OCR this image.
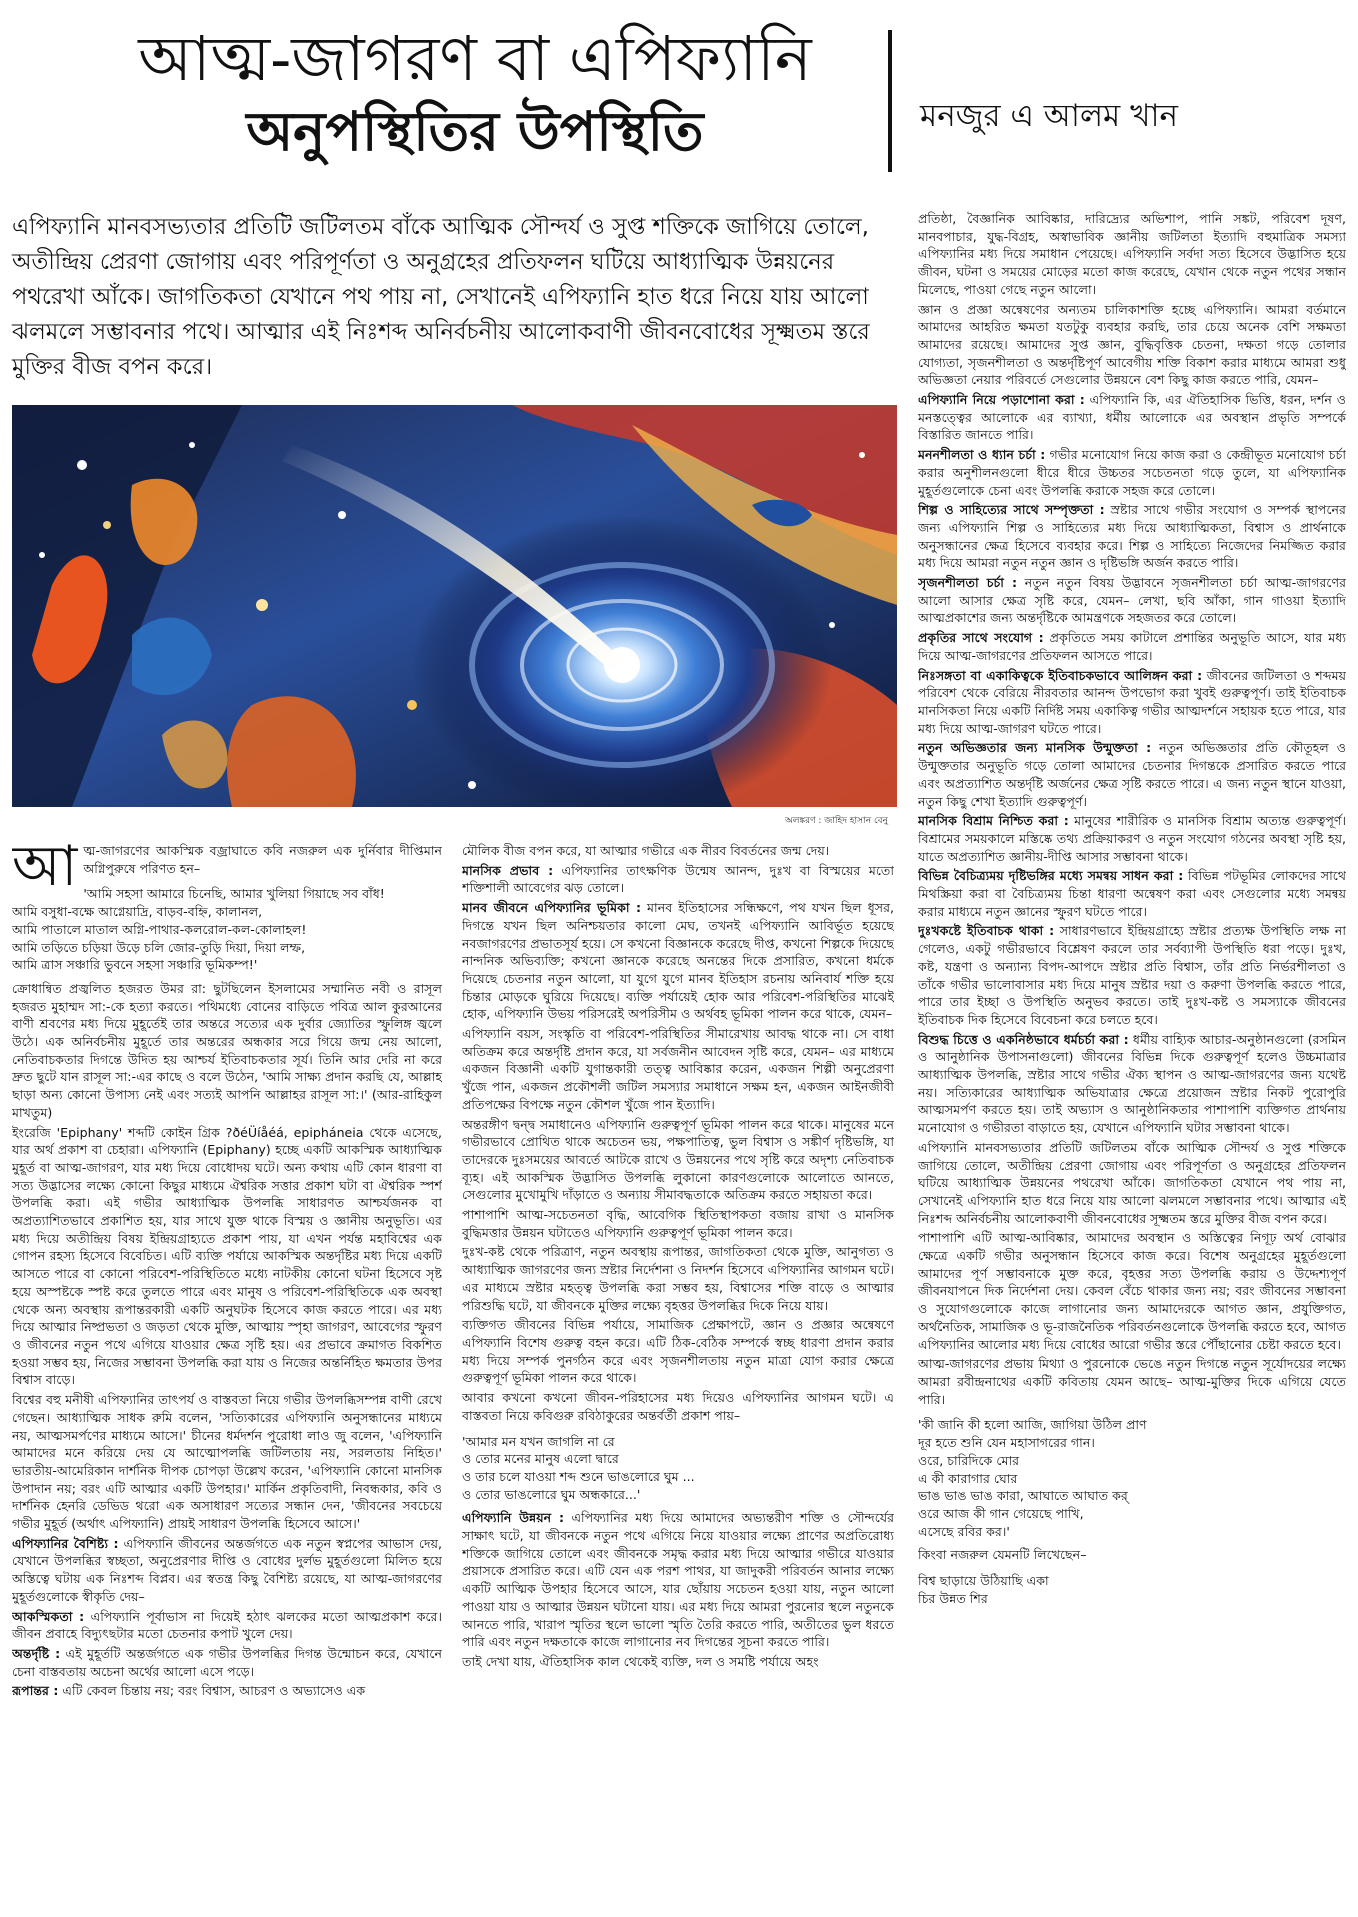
আত্ম-জাগরণ বা এপিফ্যানি
অনুপস্থিতির উপস্থিতি	মনজুর এ আলম খান

এপিফ্যানি মানবসভ্যতার প্রতিটি জটিলতম বাঁকে আত্মিক সৌন্দর্য ও সুপ্ত শক্তিকে জাগিয়ে তোলে, অতীন্দ্রিয় প্রেরণা জোগায় এবং পরিপূর্ণতা ও অনুগ্রহের প্রতিফলন ঘটিয়ে আধ্যাত্মিক উন্নয়নের পথরেখা আঁকে। জাগতিকতা যেখানে পথ পায় না, সেখানেই এপিফ্যানি হাত ধরে নিয়ে যায় আলো ঝলমলে সম্ভাবনার পথে। আত্মার এই নিঃশব্দ অনির্বচনীয় আলোকবাণী জীবনবোধের সূক্ষ্মতম স্তরে মুক্তির বীজ বপন করে।

অলঙ্করণ : জাহিদ হাসান বেনু

আত্ম-জাগরণের আকস্মিক বজ্রাঘাতে কবি নজরুল এক দুর্নিবার দীপ্তিমান অগ্নিপুরুষে পরিণত হন–

'আমি সহসা আমারে চিনেছি, আমার খুলিয়া গিয়াছে সব বাঁধ!
আমি বসুধা-বক্ষে আগ্নেয়াদ্রি, বাড়ব-বহ্নি, কালানল,
আমি পাতালে মাতাল অগ্নি-পাথার-কলরোল-কল-কোলাহল!
আমি তড়িতে চড়িয়া উড়ে চলি জোর-তুড়ি দিয়া, দিয়া লম্ফ,
আমি ত্রাস সঞ্চারি ভুবনে সহসা সঞ্চারি ভূমিকম্প!'

ক্রোধান্বিত প্রজ্বলিত হজরত উমর রা: ছুটছিলেন ইসলামের সম্মানিত নবী ও রাসূল হজরত মুহাম্মদ সা:-কে হত্যা করতে। পথিমধ্যে বোনের বাড়িতে পবিত্র আল কুরআনের বাণী শ্রবণের মধ্য দিয়ে মুহূর্তেই তার অন্তরে সত্যের এক দুর্বার জ্যোতির স্ফুলিঙ্গ জ্বলে উঠে। এক অনির্বচনীয় মুহূর্তে তার অন্তরের অন্ধকার সরে গিয়ে জন্ম নেয় আলো, নেতিবাচকতার দিগন্তে উদিত হয় আশ্চর্য ইতিবাচকতার সূর্য। তিনি আর দেরি না করে দ্রুত ছুটে যান রাসূল সা:-এর কাছে ও বলে উঠেন, 'আমি সাক্ষ্য প্রদান করছি যে, আল্লাহ ছাড়া অন্য কোনো উপাস্য নেই এবং সত্যই আপনি আল্লাহর রাসূল সা:।' (আর-রাহিকুল মাখতুম)

ইংরেজি 'Epiphany' শব্দটি কোইন গ্রিক ?ðéÜíåéá, epipháneia থেকে এসেছে, যার অর্থ প্রকাশ বা চেহারা। এপিফ্যানি (Epiphany) হচ্ছে একটি আকস্মিক আধ্যাত্মিক মুহূর্ত বা আত্ম-জাগরণ, যার মধ্য দিয়ে বোধোদয় ঘটে। অন্য কথায় এটি কোন ধারণা বা সত্য উদ্ভাসের লক্ষ্যে কোনো কিছুর মাধ্যমে ঐশ্বরিক সত্তার প্রকাশ ঘটা বা ঐশ্বরিক স্পর্শ উপলব্ধি করা। এই গভীর আধ্যাত্মিক উপলব্ধি সাধারণত আশ্চর্যজনক বা অপ্রত্যাশিতভাবে প্রকাশিত হয়, যার সাথে যুক্ত থাকে বিস্ময় ও জ্ঞানীয় অনুভূতি। এর মধ্য দিয়ে অতীন্দ্রিয় বিষয় ইন্দ্রিয়গ্রাহ্যতে প্রকাশ পায়, যা এখন পর্যন্ত মহাবিশ্বের এক গোপন রহস্য হিসেবে বিবেচিত। এটি ব্যক্তি পর্যায়ে আকস্মিক অন্তর্দৃষ্টির মধ্য দিয়ে একটি আসতে পারে বা কোনো পরিবেশ-পরিস্থিতিতে মধ্যে নাটকীয় কোনো ঘটনা হিসেবে সৃষ্ট হয়ে অস্পষ্টকে স্পষ্ট করে তুলতে পারে এবং মানুষ ও পরিবেশ-পরিস্থিতিকে এক অবস্থা থেকে অন্য অবস্থায় রূপান্তরকারী একটি অনুঘটক হিসেবে কাজ করতে পারে। এর মধ্য দিয়ে আত্মার নিষ্প্রভতা ও জড়তা থেকে মুক্তি, আত্মায় স্পৃহা জাগরণ, আবেগের স্ফুরণ ও জীবনের নতুন পথে এগিয়ে যাওয়ার ক্ষেত্র সৃষ্টি হয়। এর প্রভাবে ক্রমাগত বিকশিত হওয়া সম্ভব হয়, নিজের সম্ভাবনা উপলব্ধি করা যায় ও নিজের অন্তর্নিহিত ক্ষমতার উপর বিশ্বাস বাড়ে।

বিশ্বের বহু মনীষী এপিফ্যানির তাৎপর্য ও বাস্তবতা নিয়ে গভীর উপলব্ধিসম্পন্ন বাণী রেখে গেছেন। আধ্যাত্মিক সাধক রুমি বলেন, 'সত্যিকারের এপিফ্যানি অনুসন্ধানের মাধ্যমে নয়, আত্মসমর্পণের মাধ্যমে আসে।' চীনের ধর্মদর্শন পুরোধা লাও জু বলেন, 'এপিফ্যানি আমাদের মনে করিয়ে দেয় যে আত্মোপলব্ধি জটিলতায় নয়, সরলতায় নিহিত।' ভারতীয়-আমেরিকান দার্শনিক দীপক চোপড়া উল্লেখ করেন, 'এপিফ্যানি কোনো মানসিক উপাদান নয়; বরং এটি আত্মার একটি উপহার।' মার্কিন প্রকৃতিবাদী, নিবন্ধকার, কবি ও দার্শনিক হেনরি ডেভিড থরো এক অসাধারণ সত্যের সন্ধান দেন, 'জীবনের সবচেয়ে গভীর মুহূর্ত (অর্থাৎ এপিফ্যানি) প্রায়ই সাধারণ উপলব্ধি হিসেবে আসে।'

এপিফ্যানির বৈশিষ্ট্য : এপিফ্যানি জীবনের অন্তর্জগতে এক নতুন স্বপ্নপের আভাস দেয়, যেখানে উপলব্ধির স্বচ্ছতা, অনুপ্রেরণার দীপ্তি ও বোধের দুর্লভ মুহূর্তগুলো মিলিত হয়ে অস্তিত্বে ঘটায় এক নিঃশব্দ বিপ্লব। এর স্বতন্ত্র কিছু বৈশিষ্ট্য রয়েছে, যা আত্ম-জাগরণের মুহূর্তগুলোকে স্বীকৃতি দেয়–

আকস্মিকতা : এপিফ্যানি পূর্বাভাস না দিয়েই হঠাৎ ঝলকের মতো আত্মপ্রকাশ করে। জীবন প্রবাহে বিদ্যুৎছটার মতো চেতনার কপাট খুলে দেয়।

অন্তর্দৃষ্টি : এই মুহূর্তটি অন্তর্জগতে এক গভীর উপলব্ধির দিগন্ত উন্মোচন করে, যেখানে চেনা বাস্তবতায় অচেনা অর্থের আলো এসে পড়ে।

রূপান্তর : এটি কেবল চিন্তায় নয়; বরং বিশ্বাস, আচরণ ও অভ্যাসেও এক

মৌলিক বীজ বপন করে, যা আত্মার গভীরে এক নীরব বিবর্তনের জন্ম দেয়।

মানসিক প্রভাব : এপিফ্যানির তাৎক্ষণিক উন্মেষ আনন্দ, দুঃখ বা বিস্ময়ের মতো শক্তিশালী আবেগের ঝড় তোলে।

মানব জীবনে এপিফ্যানির ভূমিকা : মানব ইতিহাসের সন্ধিক্ষণে, পথ যখন ছিল ধূসর, দিগন্তে যখন ছিল অনিশ্চয়তার কালো মেঘ, তখনই এপিফ্যানি আবির্ভূত হয়েছে নবজাগরণের প্রভাতসূর্য হয়ে। সে কখনো বিজ্ঞানকে করেছে দীপ্ত, কখনো শিল্পকে দিয়েছে নান্দনিক অভিব্যক্তি; কখনো জ্ঞানকে করেছে অনন্তের দিকে প্রসারিত, কখনো ধর্মকে দিয়েছে চেতনার নতুন আলো, যা যুগে যুগে মানব ইতিহাস রচনায় অনিবার্য শক্তি হয়ে চিন্তার মোড়কে ঘুরিয়ে দিয়েছে। ব্যক্তি পর্যায়েই হোক আর পরিবেশ-পরিস্থিতির মাঝেই হোক, এপিফ্যানি উভয় পরিসরেই অপরিসীম ও অর্থবহ ভূমিকা পালন করে থাকে, যেমন–

এপিফ্যানি বয়স, সংস্কৃতি বা পরিবেশ-পরিস্থিতির সীমারেখায় আবদ্ধ থাকে না। সে বাধা অতিক্রম করে অন্তর্দৃষ্টি প্রদান করে, যা সর্বজনীন আবেদন সৃষ্টি করে, যেমন– এর মাধ্যমে একজন বিজ্ঞানী একটি যুগান্তকারী তত্ত্ব আবিষ্কার করেন, একজন শিল্পী অনুপ্রেরণা খুঁজে পান, একজন প্রকৌশলী জটিল সমস্যার সমাধানে সক্ষম হন, একজন আইনজীবী প্রতিপক্ষের বিপক্ষে নতুন কৌশল খুঁজে পান ইত্যাদি।

অন্তরঙ্গীণ দ্বন্দ্ব সমাধানেও এপিফ্যানি গুরুত্বপূর্ণ ভূমিকা পালন করে থাকে। মানুষের মনে গভীরভাবে প্রোথিত থাকে অচেতন ভয়, পক্ষপাতিত্ব, ভুল বিশ্বাস ও সঙ্কীর্ণ দৃষ্টিভঙ্গি, যা তাদেরকে দুঃসময়ের আবর্তে আটকে রাখে ও উন্নয়নের পথে সৃষ্টি করে অদৃশ্য নেতিবাচক ব্যূহ। এই আকস্মিক উদ্ভাসিত উপলব্ধি লুকানো কারণগুলোকে আলোতে আনতে, সেগুলোর মুখোমুখি দাঁড়াতে ও অন্যায় সীমাবদ্ধতাকে অতিক্রম করতে সহায়তা করে।

পাশাপাশি আত্ম-সচেতনতা বৃদ্ধি, আবেগিক স্থিতিস্থাপকতা বজায় রাখা ও মানসিক বুদ্ধিমত্তার উন্নয়ন ঘটাতেও এপিফ্যানি গুরুত্বপূর্ণ ভূমিকা পালন করে।

দুঃখ-কষ্ট থেকে পরিত্রাণ, নতুন অবস্থায় রূপান্তর, জাগতিকতা থেকে মুক্তি, আনুগত্য ও আধ্যাত্মিক জাগরণের জন্য স্রষ্টার নির্দেশনা ও নিদর্শন হিসেবে এপিফ্যানির আগমন ঘটে। এর মাধ্যমে স্রষ্টার মহত্ত্ব উপলব্ধি করা সম্ভব হয়, বিশ্বাসের শক্তি বাড়ে ও আত্মার পরিশুদ্ধি ঘটে, যা জীবনকে মুক্তির লক্ষ্যে বৃহত্তর উপলব্ধির দিকে নিয়ে যায়।

ব্যক্তিগত জীবনের বিভিন্ন পর্যায়ে, সামাজিক প্রেক্ষাপটে, জ্ঞান ও প্রজ্ঞার অন্বেষণে এপিফ্যানি বিশেষ গুরুত্ব বহন করে। এটি ঠিক-বেঠিক সম্পর্কে স্বচ্ছ ধারণা প্রদান করার মধ্য দিয়ে সম্পর্ক পুনর্গঠন করে এবং সৃজনশীলতায় নতুন মাত্রা যোগ করার ক্ষেত্রে গুরুত্বপূর্ণ ভূমিকা পালন করে থাকে।

আবার কখনো কখনো জীবন-পরিহাসের মধ্য দিয়েও এপিফ্যানির আগমন ঘটে। এ বাস্তবতা নিয়ে কবিগুরু রবিঠাকুরের অন্তর্বর্তী প্রকাশ পায়–

'আমার মন যখন জাগলি না রে
ও তোর মনের মানুষ এলো দ্বারে
ও তার চলে যাওয়া শব্দ শুনে ভাঙলোরে ঘুম ...
ও তোর ভাঙলোরে ঘুম অন্ধকারে...'

এপিফ্যানি উন্নয়ন : এপিফ্যানির মধ্য দিয়ে আমাদের অভ্যন্তরীণ শক্তি ও সৌন্দর্যের সাক্ষাৎ ঘটে, যা জীবনকে নতুন পথে এগিয়ে নিয়ে যাওয়ার লক্ষ্যে প্রাণের অপ্রতিরোধ্য শক্তিকে জাগিয়ে তোলে এবং জীবনকে সমৃদ্ধ করার মধ্য দিয়ে আত্মার গভীরে যাওয়ার প্রয়াসকে প্রসারিত করে। এটি যেন এক পরশ পাথর, যা জাদুকরী পরিবর্তন আনার লক্ষ্যে একটি আত্মিক উপহার হিসেবে আসে, যার ছোঁয়ায় সচেতন হওয়া যায়, নতুন আলো পাওয়া যায় ও আত্মার উন্নয়ন ঘটানো যায়। এর মধ্য দিয়ে আমরা পুরনোর স্থলে নতুনকে আনতে পারি, খারাপ স্মৃতির স্থলে ভালো স্মৃতি তৈরি করতে পারি, অতীতের ভুল ধরতে পারি এবং নতুন দক্ষতাকে কাজে লাগানোর নব দিগন্তের সূচনা করতে পারি।

তাই দেখা যায়, ঐতিহাসিক কাল থেকেই ব্যক্তি, দল ও সমষ্টি পর্যায়ে অহং

প্রতিষ্ঠা, বৈজ্ঞানিক আবিষ্কার, দারিদ্র্যের অভিশাপ, পানি সঙ্কট, পরিবেশ দূষণ, মানবপাচার, যুদ্ধ-বিগ্রহ, অস্বাভাবিক জ্ঞানীয় জটিলতা ইত্যাদি বহুমাত্রিক সমস্যা এপিফ্যানির মধ্য দিয়ে সমাধান পেয়েছে। এপিফ্যানি সর্বদা সত্য হিসেবে উদ্ভাসিত হয়ে জীবন, ঘটনা ও সময়ের মোড়ের মতো কাজ করেছে, যেখান থেকে নতুন পথের সন্ধান মিলেছে, পাওয়া গেছে নতুন আলো।

জ্ঞান ও প্রজ্ঞা অন্বেষণের অন্যতম চালিকাশক্তি হচ্ছে এপিফ্যানি। আমরা বর্তমানে আমাদের আহরিত ক্ষমতা যতটুকু ব্যবহার করছি, তার চেয়ে অনেক বেশি সক্ষমতা আমাদের রয়েছে। আমাদের সুপ্ত জ্ঞান, বুদ্ধিবৃত্তিক চেতনা, দক্ষতা গড়ে তোলার যোগ্যতা, সৃজনশীলতা ও অন্তর্দৃষ্টিপূর্ণ আবেগীয় শক্তি বিকাশ করার মাধ্যমে আমরা শুধু অভিজ্ঞতা নেয়ার পরিবর্তে সেগুলোর উন্নয়নে বেশ কিছু কাজ করতে পারি, যেমন–

এপিফ্যানি নিয়ে পড়াশোনা করা : এপিফ্যানি কি, এর ঐতিহাসিক ভিত্তি, ধরন, দর্শন ও মনস্তত্ত্বের আলোকে এর ব্যাখ্যা, ধর্মীয় আলোকে এর অবস্থান প্রভৃতি সম্পর্কে বিস্তারিত জানতে পারি।

মননশীলতা ও ধ্যান চর্চা : গভীর মনোযোগ নিয়ে কাজ করা ও কেন্দ্রীভূত মনোযোগ চর্চা করার অনুশীলনগুলো ধীরে ধীরে উচ্চতর সচেতনতা গড়ে তুলে, যা এপিফ্যানিক মুহূর্তগুলোকে চেনা এবং উপলব্ধি করাকে সহজ করে তোলে।

শিল্প ও সাহিত্যের সাথে সম্পৃক্ততা : স্রষ্টার সাথে গভীর সংযোগ ও সম্পর্ক স্থাপনের জন্য এপিফ্যানি শিল্প ও সাহিত্যের মধ্য দিয়ে আধ্যাত্মিকতা, বিশ্বাস ও প্রার্থনাকে অনুসন্ধানের ক্ষেত্র হিসেবে ব্যবহার করে। শিল্প ও সাহিত্যে নিজেদের নিমজ্জিত করার মধ্য দিয়ে আমরা নতুন নতুন জ্ঞান ও দৃষ্টিভঙ্গি অর্জন করতে পারি।

সৃজনশীলতা চর্চা : নতুন নতুন বিষয় উদ্ভাবনে সৃজনশীলতা চর্চা আত্ম-জাগরণের আলো আসার ক্ষেত্র সৃষ্টি করে, যেমন– লেখা, ছবি আঁকা, গান গাওয়া ইত্যাদি আত্মপ্রকাশের জন্য অন্তর্দৃষ্টিকে আমন্ত্রণকে সহজতর করে তোলে।

প্রকৃতির সাথে সংযোগ : প্রকৃতিতে সময় কাটালে প্রশান্তির অনুভূতি আসে, যার মধ্য দিয়ে আত্ম-জাগরণের প্রতিফলন আসতে পারে।

নিঃসঙ্গতা বা একাকিত্বকে ইতিবাচকভাবে আলিঙ্গন করা : জীবনের জটিলতা ও শব্দময় পরিবেশ থেকে বেরিয়ে নীরবতার আনন্দ উপভোগ করা খুবই গুরুত্বপূর্ণ। তাই ইতিবাচক মানসিকতা নিয়ে একটি নির্দিষ্ট সময় একাকিত্ব গভীর আত্মদর্শনে সহায়ক হতে পারে, যার মধ্য দিয়ে আত্ম-জাগরণ ঘটতে পারে।

নতুন অভিজ্ঞতার জন্য মানসিক উন্মুক্ততা : নতুন অভিজ্ঞতার প্রতি কৌতূহল ও উন্মুক্ততার অনুভূতি গড়ে তোলা আমাদের চেতনার দিগন্তকে প্রসারিত করতে পারে এবং অপ্রত্যাশিত অন্তর্দৃষ্টি অর্জনের ক্ষেত্র সৃষ্টি করতে পারে। এ জন্য নতুন স্থানে যাওয়া, নতুন কিছু শেখা ইত্যাদি গুরুত্বপূর্ণ।

মানসিক বিশ্রাম নিশ্চিত করা : মানুষের শারীরিক ও মানসিক বিশ্রাম অত্যন্ত গুরুত্বপূর্ণ। বিশ্রামের সময়কালে মস্তিষ্কে তথ্য প্রক্রিয়াকরণ ও নতুন সংযোগ গঠনের অবস্থা সৃষ্টি হয়, যাতে অপ্রত্যাশিত জ্ঞানীয়-দীপ্তি আসার সম্ভাবনা থাকে।

বিভিন্ন বৈচিত্র্যময় দৃষ্টিভঙ্গির মধ্যে সমন্বয় সাধন করা : বিভিন্ন পটভূমির লোকদের সাথে মিথস্ক্রিয়া করা বা বৈচিত্র্যময় চিন্তা ধারণা অন্বেষণ করা এবং সেগুলোর মধ্যে সমন্বয় করার মাধ্যমে নতুন জ্ঞানের স্ফুরণ ঘটতে পারে।

দুঃখকষ্টে ইতিবাচক থাকা : সাধারণভাবে ইন্দ্রিয়গ্রাহ্যে স্রষ্টার প্রত্যক্ষ উপস্থিতি লক্ষ না গেলেও, একটু গভীরভাবে বিশ্লেষণ করলে তার সর্বব্যাপী উপস্থিতি ধরা পড়ে। দুঃখ, কষ্ট, যন্ত্রণা ও অন্যান্য বিপদ-আপদে স্রষ্টার প্রতি বিশ্বাস, তাঁর প্রতি নির্ভরশীলতা ও তাঁকে গভীর ভালোবাসার মধ্য দিয়ে মানুষ স্রষ্টার দয়া ও করুণা উপলব্ধি করতে পারে, পারে তার ইচ্ছা ও উপস্থিতি অনুভব করতে। তাই দুঃখ-কষ্ট ও সমস্যাকে জীবনের ইতিবাচক দিক হিসেবে বিবেচনা করে চলতে হবে।

বিশুদ্ধ চিত্তে ও একনিষ্ঠভাবে ধর্মচর্চা করা : ধর্মীয় বাহ্যিক আচার-অনুষ্ঠানগুলো (রসমিন ও আনুষ্ঠানিক উপাসনাগুলো) জীবনের বিভিন্ন দিকে গুরুত্বপূর্ণ হলেও উচ্চমাত্রার আধ্যাত্মিক উপলব্ধি, স্রষ্টার সাথে গভীর ঐক্য স্থাপন ও আত্ম-জাগরণের জন্য যথেষ্ট নয়। সত্যিকারের আধ্যাত্মিক অভিযাত্রার ক্ষেত্রে প্রয়োজন স্রষ্টার নিকট পুরোপুরি আত্মসমর্পণ করতে হয়। তাই অভ্যাস ও আনুষ্ঠানিকতার পাশাপাশি ব্যক্তিগত প্রার্থনায় মনোযোগ ও গভীরতা বাড়াতে হয়, যেখানে এপিফ্যানি ঘটার সম্ভাবনা থাকে।

এপিফ্যানি মানবসভ্যতার প্রতিটি জটিলতম বাঁকে আত্মিক সৌন্দর্য ও সুপ্ত শক্তিকে জাগিয়ে তোলে, অতীন্দ্রিয় প্রেরণা জোগায় এবং পরিপূর্ণতা ও অনুগ্রহের প্রতিফলন ঘটিয়ে আধ্যাত্মিক উন্নয়নের পথরেখা আঁকে। জাগতিকতা যেখানে পথ পায় না, সেখানেই এপিফ্যানি হাত ধরে নিয়ে যায় আলো ঝলমলে সম্ভাবনার পথে। আত্মার এই নিঃশব্দ অনির্বচনীয় আলোকবাণী জীবনবোধের সূক্ষ্মতম স্তরে মুক্তির বীজ বপন করে।

পাশাপাশি এটি আত্ম-আবিষ্কার, আমাদের অবস্থান ও অস্তিত্বের নিগূঢ় অর্থ বোঝার ক্ষেত্রে একটি গভীর অনুসন্ধান হিসেবে কাজ করে। বিশেষ অনুগ্রহের মুহূর্তগুলো আমাদের পূর্ণ সম্ভাবনাকে মুক্ত করে, বৃহত্তর সত্য উপলব্ধি করায় ও উদ্দেশ্যপূর্ণ জীবনযাপনে দিক নির্দেশনা দেয়। কেবল বেঁচে থাকার জন্য নয়; বরং জীবনের সম্ভাবনা ও সুযোগগুলোকে কাজে লাগানোর জন্য আমাদেরকে আগত জ্ঞান, প্রযুক্তিগত, অর্থনৈতিক, সামাজিক ও ভূ-রাজনৈতিক পরিবর্তনগুলোকে উপলব্ধি করতে হবে, আগত এপিফ্যানির আলোর মধ্য দিয়ে বোধের আরো গভীর স্তরে পৌঁছানোর চেষ্টা করতে হবে।

আত্ম-জাগরণের প্রভায় মিথ্যা ও পুরনোকে ভেঙে নতুন দিগন্তে নতুন সূর্যোদয়ের লক্ষ্যে আমরা রবীন্দ্রনাথের একটি কবিতায় যেমন আছে– আত্ম-মুক্তির দিকে এগিয়ে যেতে পারি।

'কী জানি কী হলো আজি, জাগিয়া উঠিল প্রাণ
দূর হতে শুনি যেন মহাসাগরের গান।
ওরে, চারিদিকে মোর
এ কী কারাগার ঘোর
ভাঙ ভাঙ ভাঙ কারা, আঘাতে আঘাত কর্‌
ওরে আজ কী গান গেয়েছে পাখি,
এসেছে রবির কর।'

কিংবা নজরুল যেমনটি লিখেছেন–

বিশ্ব ছাড়ায়ে উঠিয়াছি একা
চির উন্নত শির
